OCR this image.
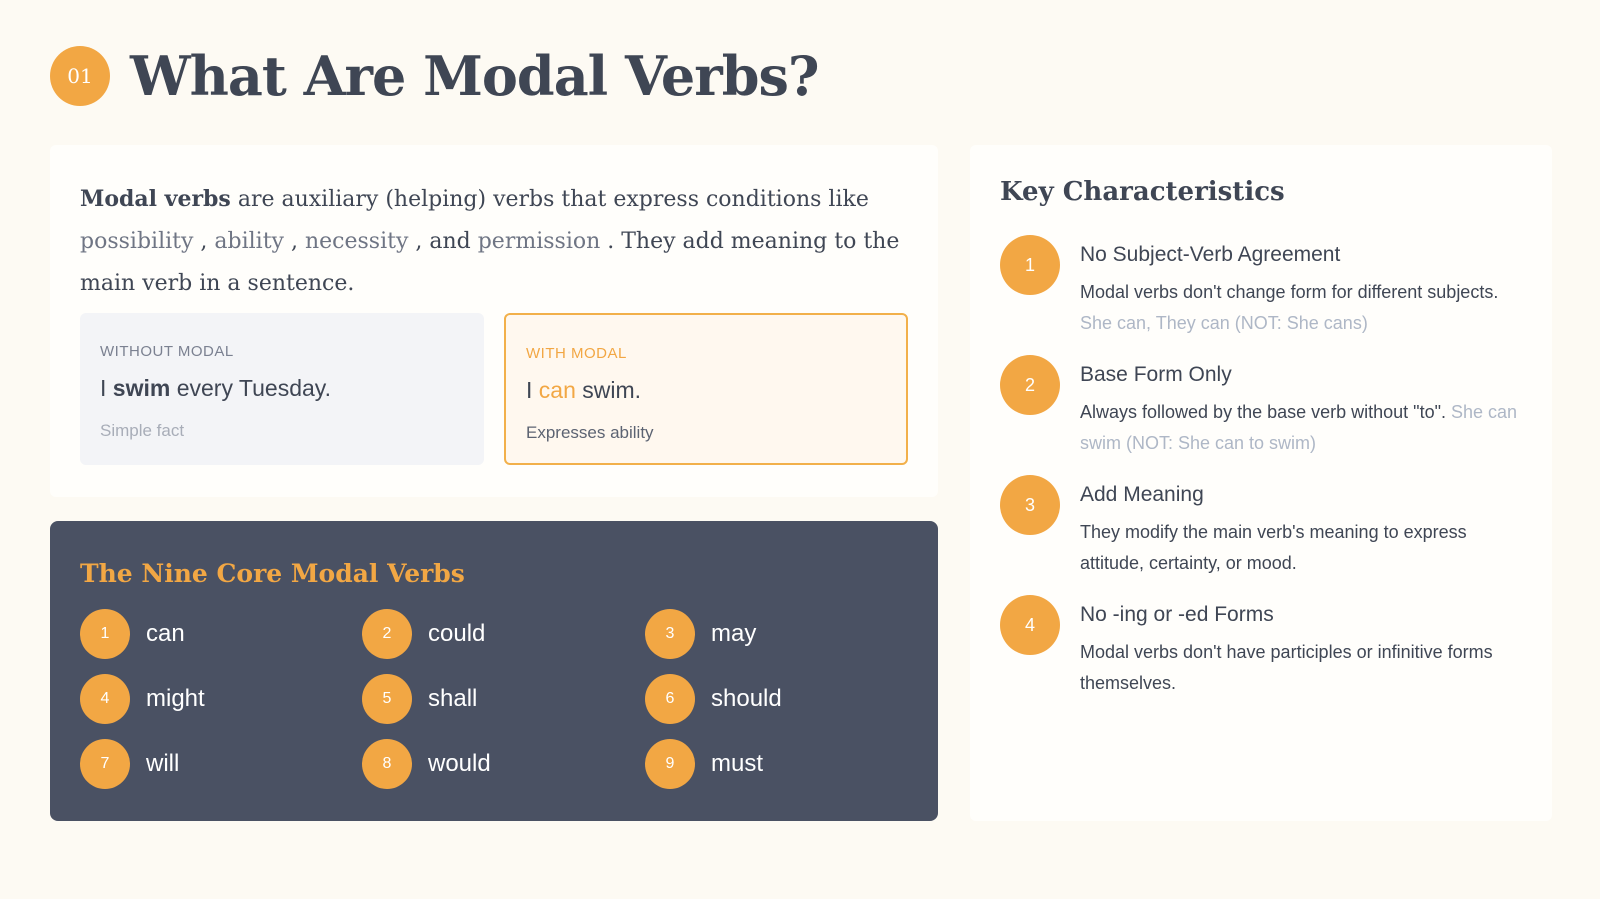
01 What Are Modal Verbs?

Modal verbs are auxiliary (helping) verbs that express conditions like possibility , ability , necessity , and permission . They add meaning to the main verb in a sentence.

WITHOUT MODAL
I swim every Tuesday.
Simple fact
WITH MODAL
I can swim.
Expresses ability
The Nine Core Modal Verbs
1	can	2	could	3	may
4	might	5	shall	6	should
7	will	8	would	9	must
Key Characteristics
1	No Subject-Verb Agreement
Modal verbs don't change form for different subjects. She can, They can (NOT: She cans)
2	Base Form Only
Always followed by the base verb without "to". She can swim (NOT: She can to swim)
3	Add Meaning
They modify the main verb's meaning to express attitude, certainty, or mood.
4	No -ing or -ed Forms
Modal verbs don't have participles or infinitive forms themselves.
